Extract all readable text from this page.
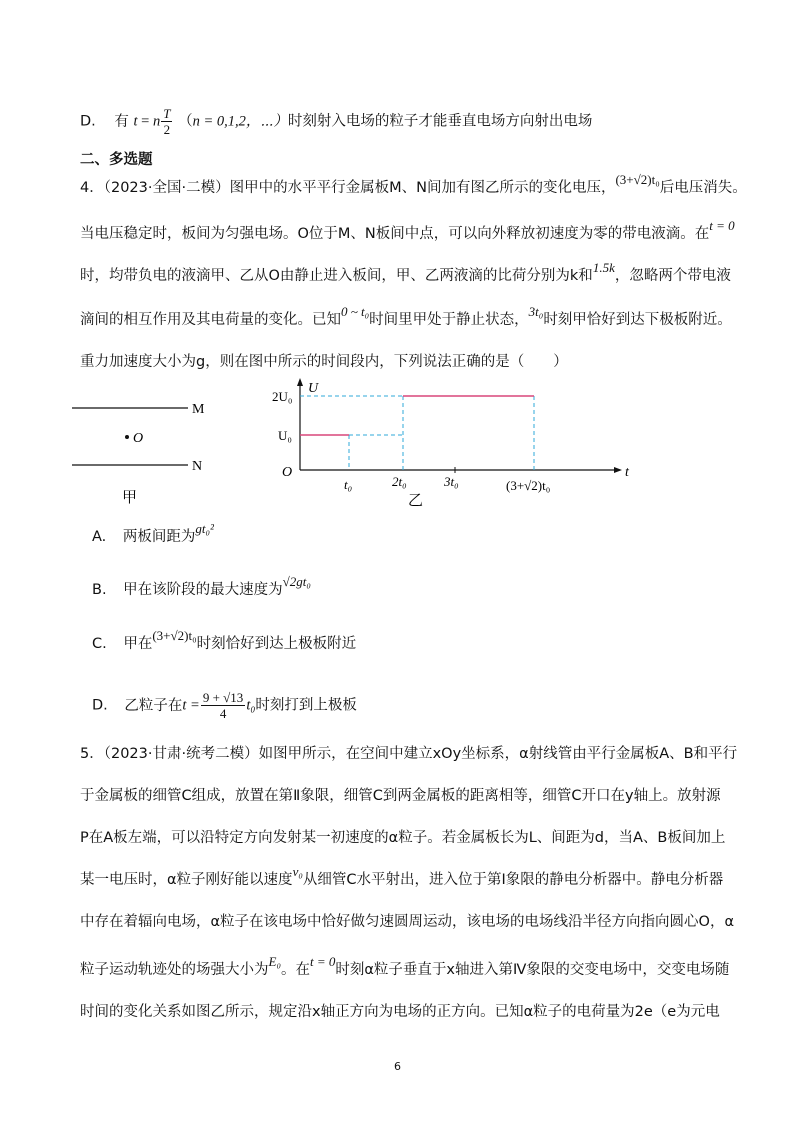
D. 有 t = n $\frac{T}{2} (n = 0,1,2$，⋯）时刻射入电场的粒子才能垂直电场方向射出电场
二、多选题
4．（2023·全国·二模）图甲中的水平平行金属板M、N间加有图乙所示的变化电压，(3+√2)t₀后电压消失。
当电压稳定时，板间为匀强电场。O位于M、N板间中点，可以向外释放初速度为零的带电液滴。在t = 0
时，均带负电的液滴甲、乙从O由静止进入板间，甲、乙两液滴的比荷分别为k和1.5k，忽略两个带电液
滴间的相互作用及其电荷量的变化。已知0 ~ t₀时间里甲处于静止状态，3t₀时刻甲恰好到达下极板附近。
重力加速度大小为g，则在图中所示的时间段内，下列说法正确的是（　　）
M
O
N
甲
U
t
O
2U₀
U₀
t₀	2t₀	3t₀	(3+√2)t₀
乙
A. 两板间距为gt₀²
B. 甲在该阶段的最大速度为√2gt₀
C. 甲在(3+√2)t₀时刻恰好到达上极板附近
D. 乙粒子在$t = \frac{9 + √13}{4} t_0$时刻打到上极板
5．（2023·甘肃·统考二模）如图甲所示，在空间中建立xOy坐标系，α射线管由平行金属板A、B和平行
于金属板的细管C组成，放置在第Ⅱ象限，细管C到两金属板的距离相等，细管C开口在y轴上。放射源
P在A板左端，可以沿特定方向发射某一初速度的α粒子。若金属板长为L、间距为d，当A、B板间加上
某一电压时，α粒子刚好能以速度v₀从细管C水平射出，进入位于第Ⅰ象限的静电分析器中。静电分析器
中存在着辐向电场，α粒子在该电场中恰好做匀速圆周运动，该电场的电场线沿半径方向指向圆心O，α
粒子运动轨迹处的场强大小为E₀。在t = 0时刻α粒子垂直于x轴进入第Ⅳ象限的交变电场中，交变电场随
时间的变化关系如图乙所示，规定沿x轴正方向为电场的正方向。已知α粒子的电荷量为2e（e为元电
6
